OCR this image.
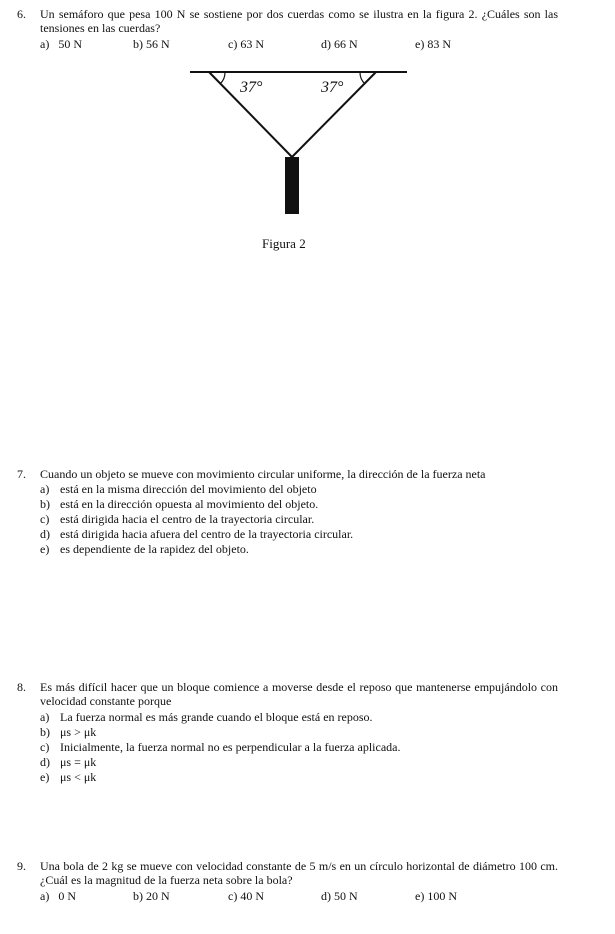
6. Un semáforo que pesa 100 N se sostiene por dos cuerdas como se ilustra en la figura 2. ¿Cuáles son las tensiones en las cuerdas?
a) 50 N	b) 56 N	c) 63 N	d) 66 N	e) 83 N
37°	37°
Figura 2
7. Cuando un objeto se mueve con movimiento circular uniforme, la dirección de la fuerza neta
a) está en la misma dirección del movimiento del objeto
b) está en la dirección opuesta al movimiento del objeto.
c) está dirigida hacia el centro de la trayectoria circular.
d) está dirigida hacia afuera del centro de la trayectoria circular.
e) es dependiente de la rapidez del objeto.
8. Es más difícil hacer que un bloque comience a moverse desde el reposo que mantenerse empujándolo con velocidad constante porque
a) La fuerza normal es más grande cuando el bloque está en reposo.
b) μs > μk
c) Inicialmente, la fuerza normal no es perpendicular a la fuerza aplicada.
d) μs = μk
e) μs < μk
9. Una bola de 2 kg se mueve con velocidad constante de 5 m/s en un círculo horizontal de diámetro 100 cm. ¿Cuál es la magnitud de la fuerza neta sobre la bola?
a) 0 N	b) 20 N	c) 40 N	d) 50 N	e) 100 N
